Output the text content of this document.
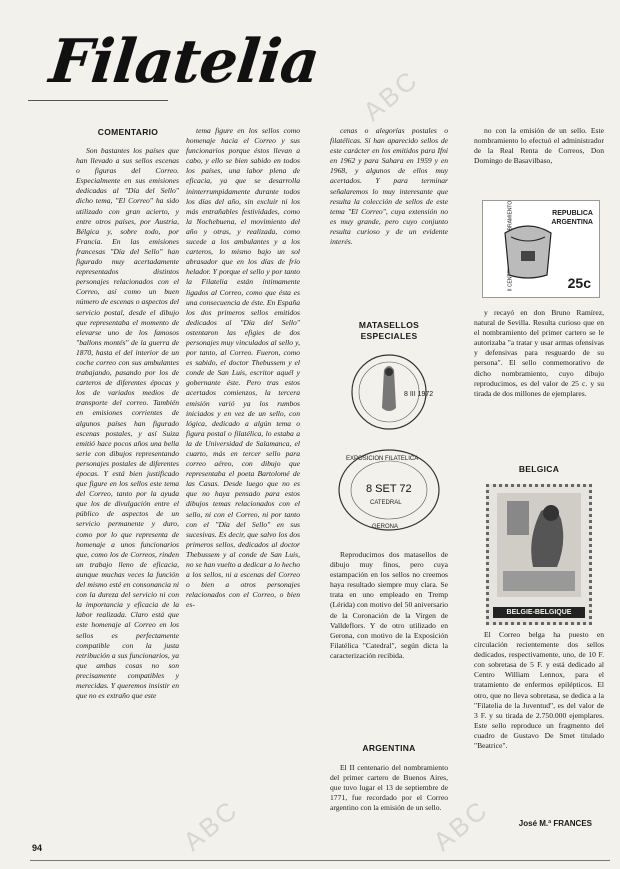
ABC
ABC	ABC
Filatelia
COMENTARIO

Son bastantes los países que han llevado a sus sellos escenas o figuras del Correo. Especialmente en sus emisiones dedicadas al "Día del Sello" dicho tema, "El Correo" ha sido utilizado con gran acierto, y entre otros países, por Austria, Bélgica y, sobre todo, por Francia. En las emisiones francesas "Día del Sello" han figurado muy acertadamente representados distintos personajes relacionados con el Correo, así como un buen número de escenas o aspectos del servicio postal, desde el dibujo que representaba el momento de elevarse uno de los famosos "ballons montés" de la guerra de 1870, hasta el del interior de un coche correo con sus ambulantes trabajando, pasando por los de carteros de diferentes épocas y los de variados medios de transporte del correo. También en emisiones corrientes de algunos países han figurado escenas postales, y así Suiza emitió hace pocos años una bella serie con dibujos representando personajes postales de diferentes épocas. Y está bien justificado que figure en los sellos este tema del Correo, tanto por la ayuda que los de divulgación entre el público de aspectos de un servicio permanente y duro, como por lo que representa de homenaje a unos funcionarios que, como los de Correos, rinden un trabajo lleno de eficacia, aunque muchas veces la función del mismo esté en consonancia ni con la dureza del servicio ni con la importancia y eficacia de la labor realizada. Claro está que este homenaje al Correo en los sellos es perfectamente compatible con la justa retribución a sus funcionarios, ya que ambas cosas no son precisamente compatibles y merecidas. Y queremos insistir en que no es extraño que este

tema figure en los sellos como homenaje hacia el Correo y sus funcionarios porque éstos llevan a cabo, y ello se bien sabido en todos los países, una labor plena de eficacia, ya que se desarrolla ininterrumpidamente durante todos los días del año, sin excluir ni los más entrañables festividades, como la Nochebuena, el movimiento del año y otras, y realizada, como sucede a los ambulantes y a los carteros, lo mismo bajo un sol abrasador que en los días de frío helador. Y porque el sello y por tanto la Filatelia están íntimamente ligados al Correo, como que ésta es una consecuencia de éste. En España los dos primeros sellos emitidos dedicados al "Día del Sello" ostentaron las efigies de dos personajes muy vinculados al sello y, por tanto, al Correo. Fueron, como es sabido, el doctor Thebussem y el conde de San Luis, escritor aquél y gobernante éste. Pero tras estos acertados comienzos, la tercera emisión varió ya los rumbos iniciados y en vez de un sello, con lógica, dedicado a algún tema o figura postal o filatélica, lo estaba a la de Universidad de Salamanca, el cuarto, más en tercer sello para correo aéreo, con dibujo que representaba el poeta Bartolomé de las Casas. Desde luego que no es que no haya pensado para estos dibujos temas relacionados con el sello, ni con el Correo, ni por tanto con el "Día del Sello" en sus sucesivas. Es decir, que salvo los dos primeros sellos, dedicados al doctor Thebussem y al conde de San Luis, no se han vuelto a dedicar a lo hecho a los sellos, ni a escenas del Correo o bien a otros personajes relacionados con el Correo, o bien es-

cenas o alegorías postales o filatélicas. Sí han aparecido sellos de este carácter en los emitidos para Ifni en 1962 y para Sahara en 1959 y en 1968, y algunos de ellos muy acertados. Y para terminar señalaremos lo muy interesante que resulta la colección de sellos de este tema "El Correo", cuya extensión no es muy grande, pero cuyo conjunto resulta curioso y de un evidente interés.

MATASELLOS
ESPECIALES
8 III 1972
EXPOSICION FILATELICA
8 SET 72
CATEDRAL
GERONA

Reproducimos dos matasellos de dibujo muy finos, pero cuya estampación en los sellos no creemos haya resultado siempre muy clara. Se trata en uno empleado en Tremp (Lérida) con motivo del 50 aniversario de la Coronación de la Virgen de Valldeflors. Y de otro utilizado en Gerona, con motivo de la Exposición Filatélica "Catedral", según dicta la caracterización recibida.

ARGENTINA

El II centenario del nombramiento del primer cartero de Buenos Aires, que tuvo lugar el 13 de septiembre de 1771, fue recordado por el Correo argentino con la emisión de un sello.

no con la emisión de un sello. Este nombramiento lo efectuó el administrador de la Real Renta de Correos, Don Domingo de Basavilbaso,

REPUBLICA
ARGENTINA
25c

y recayó en don Bruno Ramírez, natural de Sevilla. Resulta curioso que en el nombramiento del primer cartero se le autorizaba "a tratar y usar armas ofensivas y defensivas para resguardo de su persona". El sello conmemorativo de dicho nombramiento, cuyo dibujo reproducimos, es del valor de 25 c. y su tirada de dos millones de ejemplares.

BELGICA
BELGIE-BELGIQUE

El Correo belga ha puesto en circulación recientemente dos sellos dedicados, respectivamente, uno, de 10 F. con sobretasa de 5 F. y está dedicado al Centro William Lennox, para el tratamiento de enfermos epilépticos. El otro, que no lleva sobretasa, se dedica a la "Filatelia de la Juventud", es del valor de 3 F. y su tirada de 2.750.000 ejemplares. Este sello reproduce un fragmento del cuadro de Gustavo De Smet titulado "Beatrice".

José M.ª FRANCES
94
